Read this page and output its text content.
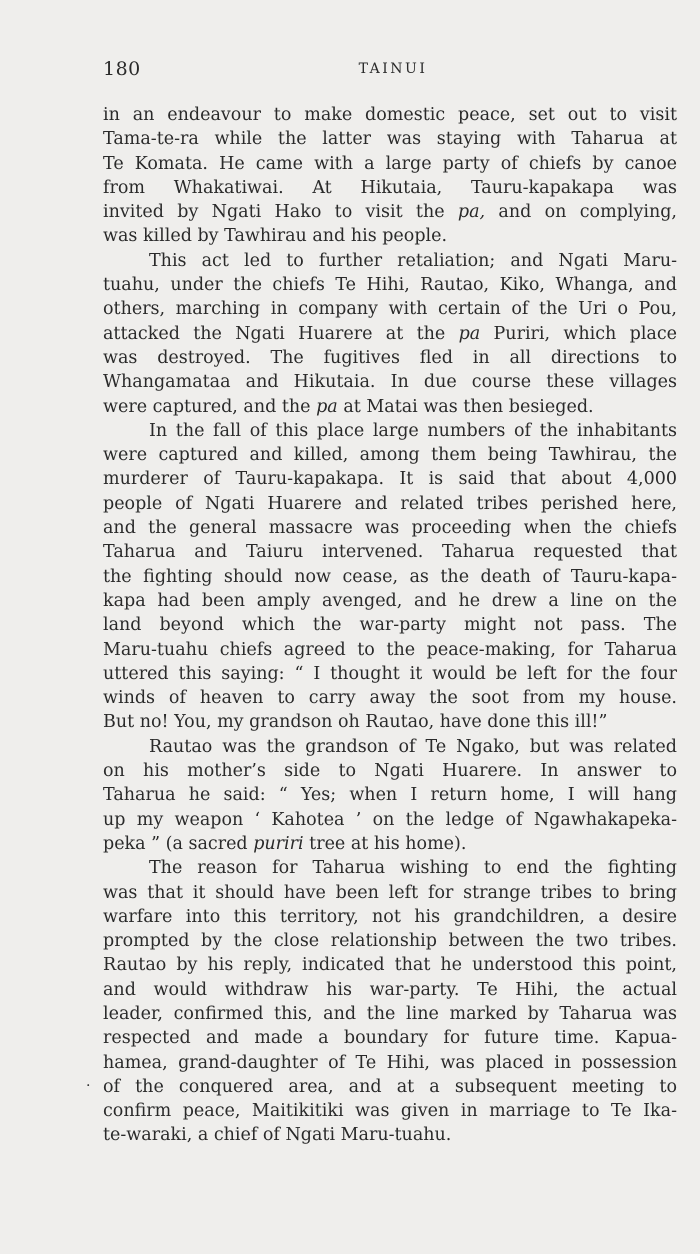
180	TAINUI
in an endeavour to make domestic peace, set out to visit
Tama-te-ra while the latter was staying with Taharua at
Te Komata. He came with a large party of chiefs by canoe
from Whakatiwai. At Hikutaia, Tauru-kapakapa was
invited by Ngati Hako to visit the pa, and on complying,
was killed by Tawhirau and his people.
This act led to further retaliation; and Ngati Maru-
tuahu, under the chiefs Te Hihi, Rautao, Kiko, Whanga, and
others, marching in company with certain of the Uri o Pou,
attacked the Ngati Huarere at the pa Puriri, which place
was destroyed. The fugitives fled in all directions to
Whangamataa and Hikutaia. In due course these villages
were captured, and the pa at Matai was then besieged.
In the fall of this place large numbers of the inhabitants
were captured and killed, among them being Tawhirau, the
murderer of Tauru-kapakapa. It is said that about 4,000
people of Ngati Huarere and related tribes perished here,
and the general massacre was proceeding when the chiefs
Taharua and Taiuru intervened. Taharua requested that
the fighting should now cease, as the death of Tauru-kapa-
kapa had been amply avenged, and he drew a line on the
land beyond which the war-party might not pass. The
Maru-tuahu chiefs agreed to the peace-making, for Taharua
uttered this saying: “ I thought it would be left for the four
winds of heaven to carry away the soot from my house.
But no! You, my grandson oh Rautao, have done this ill!”
Rautao was the grandson of Te Ngako, but was related
on his mother’s side to Ngati Huarere. In answer to
Taharua he said: “ Yes; when I return home, I will hang
up my weapon ‘ Kahotea ’ on the ledge of Ngawhakapeka-
peka ” (a sacred puriri tree at his home).
The reason for Taharua wishing to end the fighting
was that it should have been left for strange tribes to bring
warfare into this territory, not his grandchildren, a desire
prompted by the close relationship between the two tribes.
Rautao by his reply, indicated that he understood this point,
and would withdraw his war-party. Te Hihi, the actual
leader, confirmed this, and the line marked by Taharua was
respected and made a boundary for future time. Kapua-
hamea, grand-daughter of Te Hihi, was placed in possession
of the conquered area, and at a subsequent meeting to
confirm peace, Maitikitiki was given in marriage to Te Ika-
te-waraki, a chief of Ngati Maru-tuahu.
.
